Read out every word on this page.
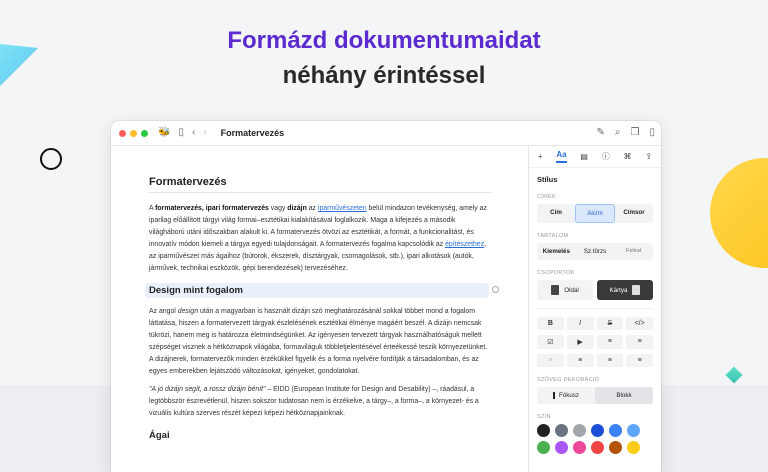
Formázd dokumentumaidat
néhány érintéssel
🐝 ▯ ‹ › Formatervezés	✎ ⌕ ❐ ▯
Formatervezés

A formatervezés, ipari formatervezés vagy dizájn az iparművészeten belül mindazon tevékenység, amely az iparilag előállított tárgyi világ formai–esztétikai kialakításával foglalkozik. Maga a kifejezés a második világháború utáni időszakban alakult ki. A formatervezés ötvözi az esztétikát, a formát, a funkcionalitást, és innovatív módon kiemeli a tárgya egyedi tulajdonságait. A formatervezés fogalma kapcsolódik az építészethez, az iparművészet más ágaihoz (bútorok, ékszerek, dísztárgyak, csomagolások, stb.), ipari alkotások (autók, járművek, technikai eszközök, gépi berendezések) tervezéséhez.

Design mint fogalom

Az angol design után a magyarban is használt dizájn szó meghatározásánál sokkal többet mond a fogalom láttatása, hiszen a formatervezett tárgyak észlelésének esztétikai élménye magáért beszél. A dizájn nemcsak tükrözi, hanem meg is határozza életmindségünket. Az igényesen tervezett tárgyak használhatóságuk mellett szépséget visznek a hétköznapok világába, formaviláguk többletjelentésével érteékessé teszik környezetünket. A dizájnerek, formatervezők minden érzékükkel figyelik és a forma nyelvére fordítják a társadalomban, és az egyes emberekben lejátszódó változásokat, igényeket, gondolatokat.

"A jó dizájn segít, a rossz dizájn bénít" – EIDD (European Institute for Design and Desability) –, ráadásul, a legtöbbször észrevétlenül, hiszen sokszor tudatosan nem is érzékelve, a tárgy–, a forma–, a környezet- és a vizuális kultúra szerves részét képezi képezi hétköznapjainknak.

Ágai
+ Aa ▤ ⓘ ⌘ ⇪
Stílus
CÍMEK
Cím	Alcím	Címsor
TARTALOM
Kiemelés	Sz.törzs	Felirat
CSOPORTOK
Oldal	Kártya
B	I	S	</>
☑	▶	≡	≡
≡	≡	≡	≡
SZÖVEG DEKORÁCIÓ
Fókusz	Blokk
SZÍN
